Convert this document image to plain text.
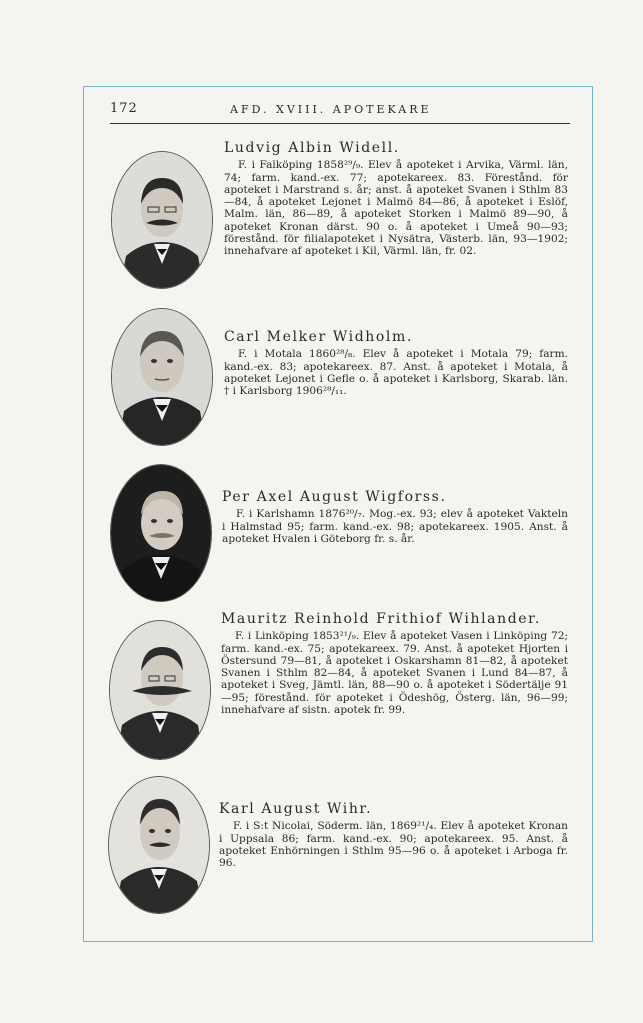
172	AFD. XVIII. APOTEKARE
Ludvig Albin Widell.

F. i Falköping 1858²⁹/₉. Elev å apoteket i Arvika, Värml. län, 74; farm. kand.-ex. 77; apotekareex. 83. Förestånd. för apoteket i Marstrand s. år; anst. å apoteket Svanen i Sthlm 83—84, å apoteket Lejonet i Malmö 84—86, å apoteket i Eslöf, Malm. län, 86—89, å apoteket Storken i Malmö 89—90, å apoteket Kronan därst. 90 o. å apoteket i Umeå 90—93; förestånd. för filialapoteket i Nysätra, Västerb. län, 93—1902; innehafvare af apoteket i Kil, Värml. län, fr. 02.

Carl Melker Widholm.

F. i Motala 1860²⁸/₈. Elev å apoteket i Motala 79; farm. kand.-ex. 83; apotekareex. 87. Anst. å apoteket i Motala, å apoteket Lejonet i Gefle o. å apoteket i Karlsborg, Skarab. län. † i Karlsborg 1906²⁸/₁₁.

Per Axel August Wigforss.

F. i Karlshamn 1876²⁰/₇. Mog.-ex. 93; elev å apoteket Vakteln i Halmstad 95; farm. kand.-ex. 98; apotekareex. 1905. Anst. å apoteket Hvalen i Göteborg fr. s. år.

Mauritz Reinhold Frithiof Wihlander.

F. i Linköping 1853²¹/₉. Elev å apoteket Vasen i Linköping 72; farm. kand.-ex. 75; apotekareex. 79. Anst. å apoteket Hjorten i Östersund 79—81, å apoteket i Oskarshamn 81—82, å apoteket Svanen i Sthlm 82—84, å apoteket Svanen i Lund 84—87, å apoteket i Sveg, Jämtl. län, 88—90 o. å apoteket i Södertälje 91—95; förestånd. för apoteket i Ödeshög, Österg. län, 96—99; innehafvare af sistn. apotek fr. 99.

Karl August Wihr.

F. i S:t Nicolai, Söderm. län, 1869²¹/₄. Elev å apoteket Kronan i Uppsala 86; farm. kand.-ex. 90; apotekareex. 95. Anst. å apoteket Enhörningen i Sthlm 95—96 o. å apoteket i Arboga fr. 96.
